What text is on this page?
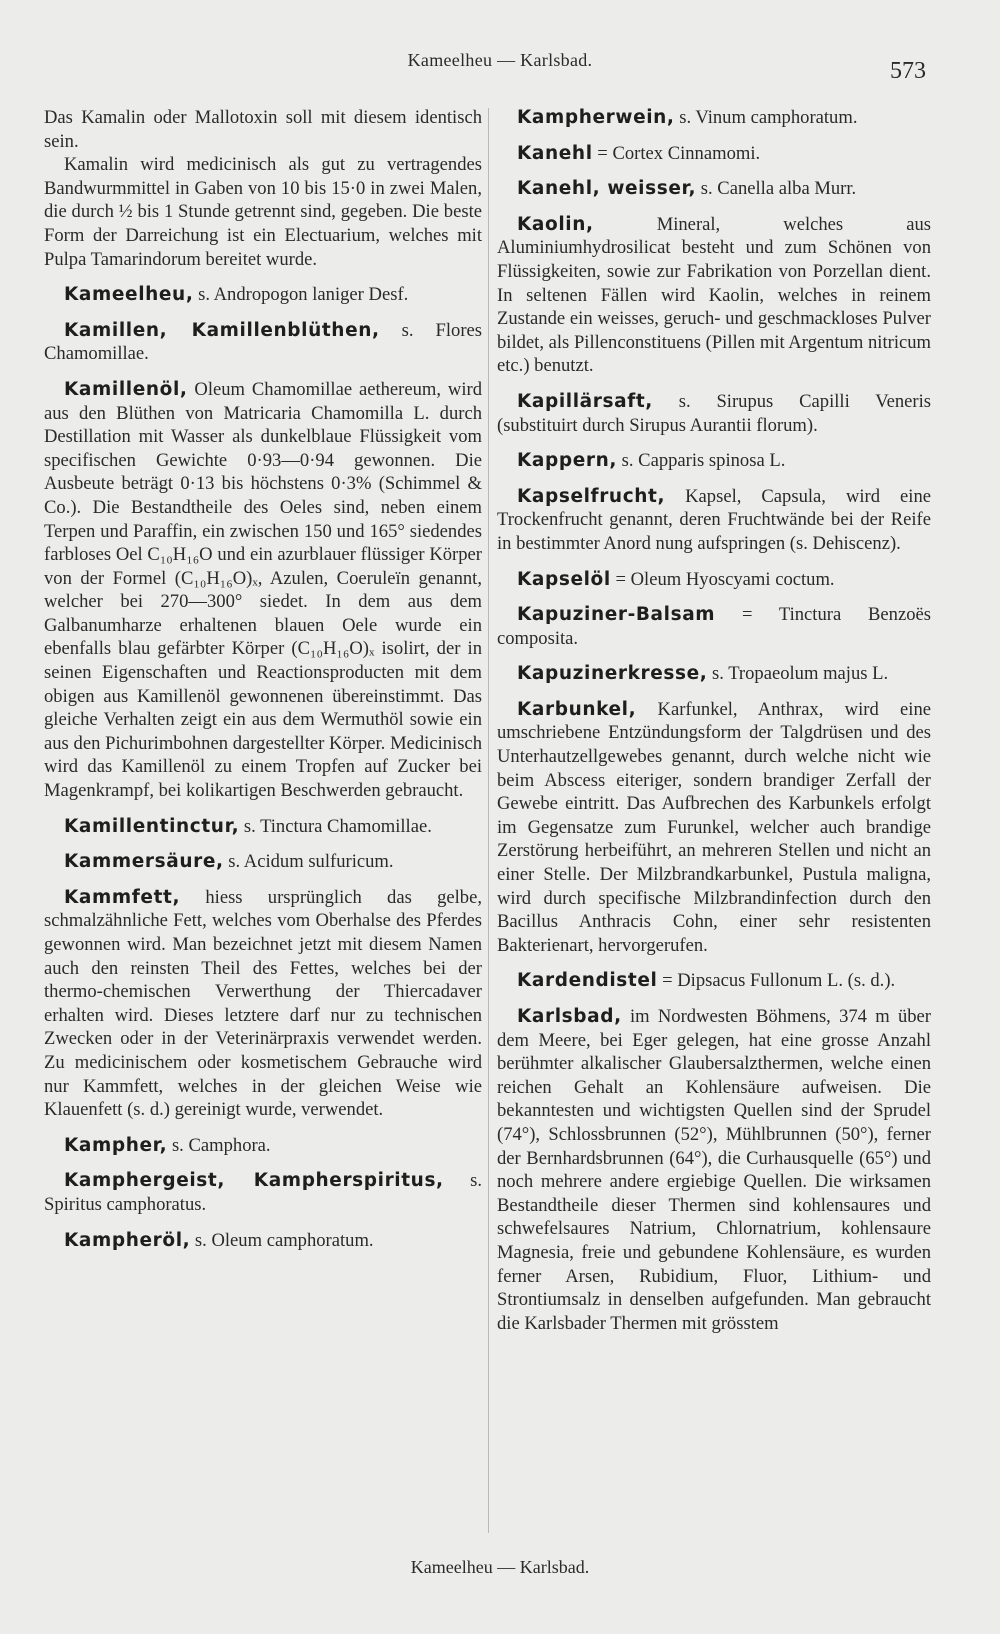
Kameelheu — Karlsbad.	573

Das Kamalin oder Mallotoxin soll mit diesem identisch sein.

Kamalin wird medicinisch als gut zu vertragendes Bandwurmmittel in Gaben von 10 bis 15·0 in zwei Malen, die durch ½ bis 1 Stunde getrennt sind, gegeben. Die beste Form der Darreichung ist ein Electuarium, welches mit Pulpa Tamarindorum bereitet wurde.

Kameelheu, s. Andropogon laniger Desf.

Kamillen, Kamillenblüthen, s. Flores Chamomillae.

Kamillenöl, Oleum Chamomillae aethereum, wird aus den Blüthen von Matricaria Chamomilla L. durch Destillation mit Wasser als dunkelblaue Flüssigkeit vom specifischen Gewichte 0·93—0·94 gewonnen. Die Ausbeute beträgt 0·13 bis höchstens 0·3% (Schimmel & Co.). Die Bestandtheile des Oeles sind, neben einem Terpen und Paraffin, ein zwischen 150 und 165° siedendes farbloses Oel C₁₀H₁₆O und ein azurblauer flüssiger Körper von der Formel (C₁₀H₁₆O)ₓ, Azulen, Coeruleïn genannt, welcher bei 270—300° siedet. In dem aus dem Galbanumharze erhaltenen blauen Oele wurde ein ebenfalls blau gefärbter Körper (C₁₀H₁₆O)ₓ isolirt, der in seinen Eigenschaften und Reactionsproducten mit dem obigen aus Kamillenöl gewonnenen übereinstimmt. Das gleiche Verhalten zeigt ein aus dem Wermuthöl sowie ein aus den Pichurimbohnen dargestellter Körper. Medicinisch wird das Kamillenöl zu einem Tropfen auf Zucker bei Magenkrampf, bei kolikartigen Beschwerden gebraucht.

Kamillentinctur, s. Tinctura Chamomillae.

Kammersäure, s. Acidum sulfuricum.

Kammfett, hiess ursprünglich das gelbe, schmalzähnliche Fett, welches vom Oberhalse des Pferdes gewonnen wird. Man bezeichnet jetzt mit diesem Namen auch den reinsten Theil des Fettes, welches bei der thermo-chemischen Verwerthung der Thiercadaver erhalten wird. Dieses letztere darf nur zu technischen Zwecken oder in der Veterinärpraxis verwendet werden. Zu medicinischem oder kosmetischem Gebrauche wird nur Kammfett, welches in der gleichen Weise wie Klauenfett (s. d.) gereinigt wurde, verwendet.

Kampher, s. Camphora.

Kamphergeist, Kampherspiritus, s. Spiritus camphoratus.

Kampheröl, s. Oleum camphoratum.

Kampherwein, s. Vinum camphoratum.

Kanehl = Cortex Cinnamomi.

Kanehl, weisser, s. Canella alba Murr.

Kaolin, Mineral, welches aus Aluminiumhydrosilicat besteht und zum Schönen von Flüssigkeiten, sowie zur Fabrikation von Porzellan dient. In seltenen Fällen wird Kaolin, welches in reinem Zustande ein weisses, geruch- und geschmackloses Pulver bildet, als Pillenconstituens (Pillen mit Argentum nitricum etc.) benutzt.

Kapillärsaft, s. Sirupus Capilli Veneris (substituirt durch Sirupus Aurantii florum).

Kappern, s. Capparis spinosa L.

Kapselfrucht, Kapsel, Capsula, wird eine Trockenfrucht genannt, deren Fruchtwände bei der Reife in bestimmter Anord nung aufspringen (s. Dehiscenz).

Kapselöl = Oleum Hyoscyami coctum.

Kapuziner-Balsam = Tinctura Benzoës composita.

Kapuzinerkresse, s. Tropaeolum majus L.

Karbunkel, Karfunkel, Anthrax, wird eine umschriebene Entzündungsform der Talgdrüsen und des Unterhautzellgewebes genannt, durch welche nicht wie beim Abscess eiteriger, sondern brandiger Zerfall der Gewebe eintritt. Das Aufbrechen des Karbunkels erfolgt im Gegensatze zum Furunkel, welcher auch brandige Zerstörung herbeiführt, an mehreren Stellen und nicht an einer Stelle. Der Milzbrandkarbunkel, Pustula maligna, wird durch specifische Milzbrandinfection durch den Bacillus Anthracis Cohn, einer sehr resistenten Bakterienart, hervorgerufen.

Kardendistel = Dipsacus Fullonum L. (s. d.).

Karlsbad, im Nordwesten Böhmens, 374 m über dem Meere, bei Eger gelegen, hat eine grosse Anzahl berühmter alkalischer Glaubersalzthermen, welche einen reichen Gehalt an Kohlensäure aufweisen. Die bekanntesten und wichtigsten Quellen sind der Sprudel (74°), Schlossbrunnen (52°), Mühlbrunnen (50°), ferner der Bernhardsbrunnen (64°), die Curhausquelle (65°) und noch mehrere andere ergiebige Quellen. Die wirksamen Bestandtheile dieser Thermen sind kohlensaures und schwefelsaures Natrium, Chlornatrium, kohlensaure Magnesia, freie und gebundene Kohlensäure, es wurden ferner Arsen, Rubidium, Fluor, Lithium- und Strontiumsalz in denselben aufgefunden. Man gebraucht die Karlsbader Thermen mit grösstem

Kameelheu — Karlsbad.
